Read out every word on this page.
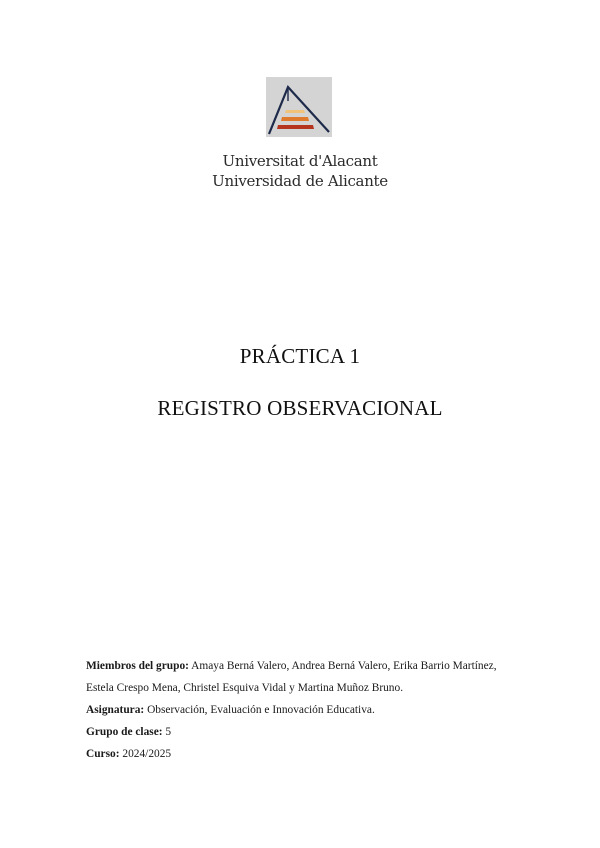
Universitat d'Alacant
Universidad de Alicante
PRÁCTICA 1
REGISTRO OBSERVACIONAL

Miembros del grupo: Amaya Berná Valero, Andrea Berná Valero, Erika Barrio Martínez, Estela Crespo Mena, Christel Esquiva Vidal y Martina Muñoz Bruno.

Asignatura: Observación, Evaluación e Innovación Educativa.

Grupo de clase: 5

Curso: 2024/2025
